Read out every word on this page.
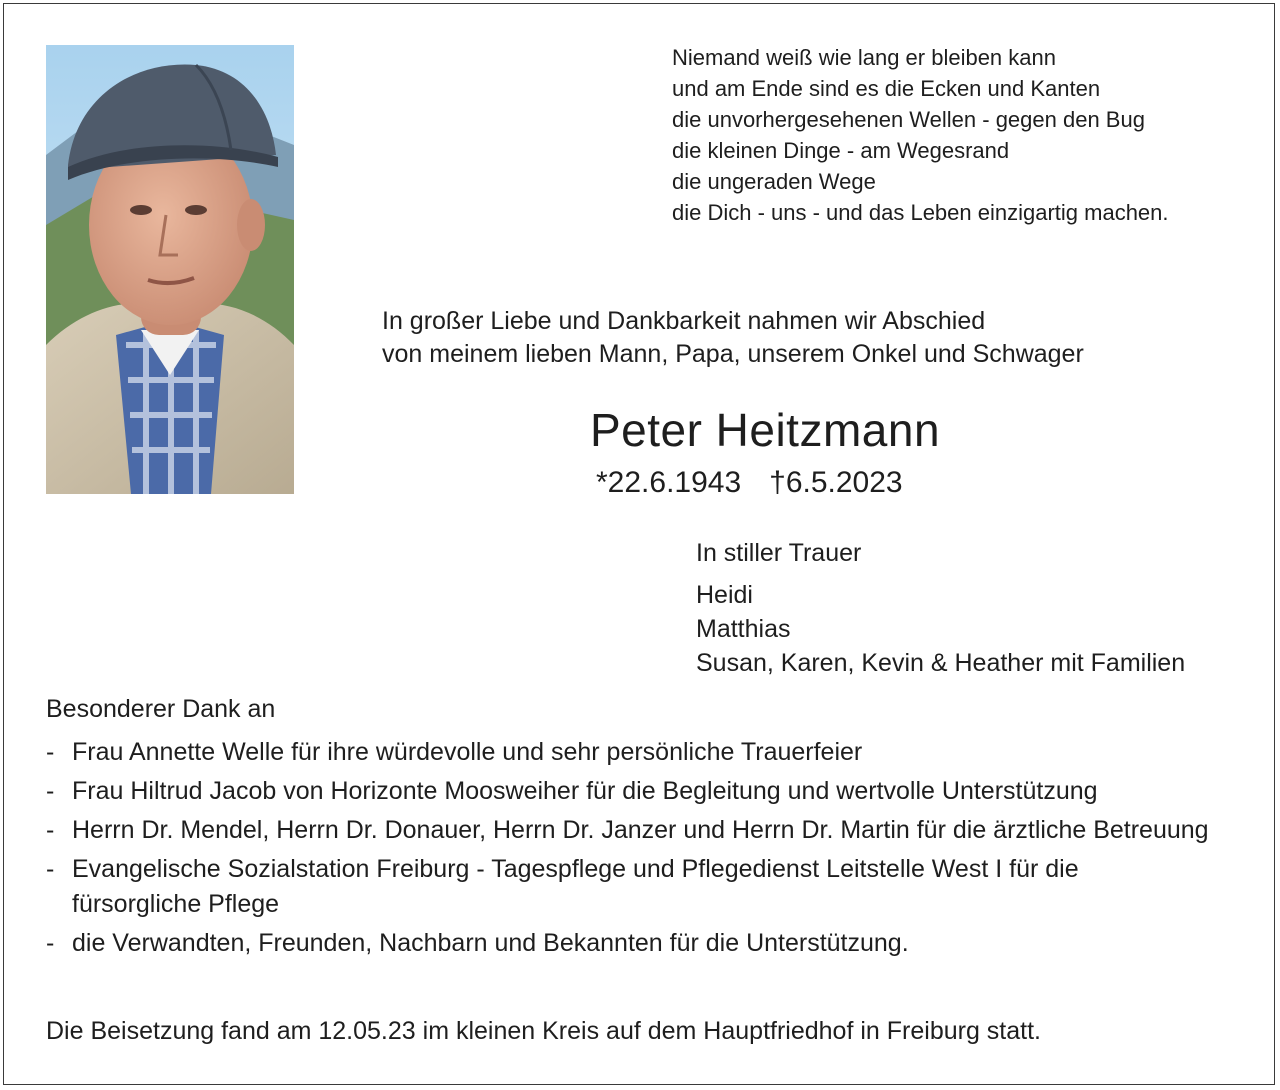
Niemand weiß wie lang er bleiben kann
und am Ende sind es die Ecken und Kanten
die unvorhergesehenen Wellen - gegen den Bug
die kleinen Dinge - am Wegesrand
die ungeraden Wege
die Dich - uns - und das Leben einzigartig machen.
In großer Liebe und Dankbarkeit nahmen wir Abschied
von meinem lieben Mann, Papa, unserem Onkel und Schwager
Peter Heitzmann
*22.6.1943 †6.5.2023
In stiller Trauer
Heidi
Matthias
Susan, Karen, Kevin & Heather mit Familien
Besonderer Dank an
- Frau Annette Welle für ihre würdevolle und sehr persönliche Trauerfeier
- Frau Hiltrud Jacob von Horizonte Moosweiher für die Begleitung und wertvolle Unterstützung
- Herrn Dr. Mendel, Herrn Dr. Donauer, Herrn Dr. Janzer und Herrn Dr. Martin für die ärztliche Betreuung
- Evangelische Sozialstation Freiburg - Tagespflege und Pflegedienst Leitstelle West I für die fürsorgliche Pflege
- die Verwandten, Freunden, Nachbarn und Bekannten für die Unterstützung.
Die Beisetzung fand am 12.05.23 im kleinen Kreis auf dem Hauptfriedhof in Freiburg statt.
